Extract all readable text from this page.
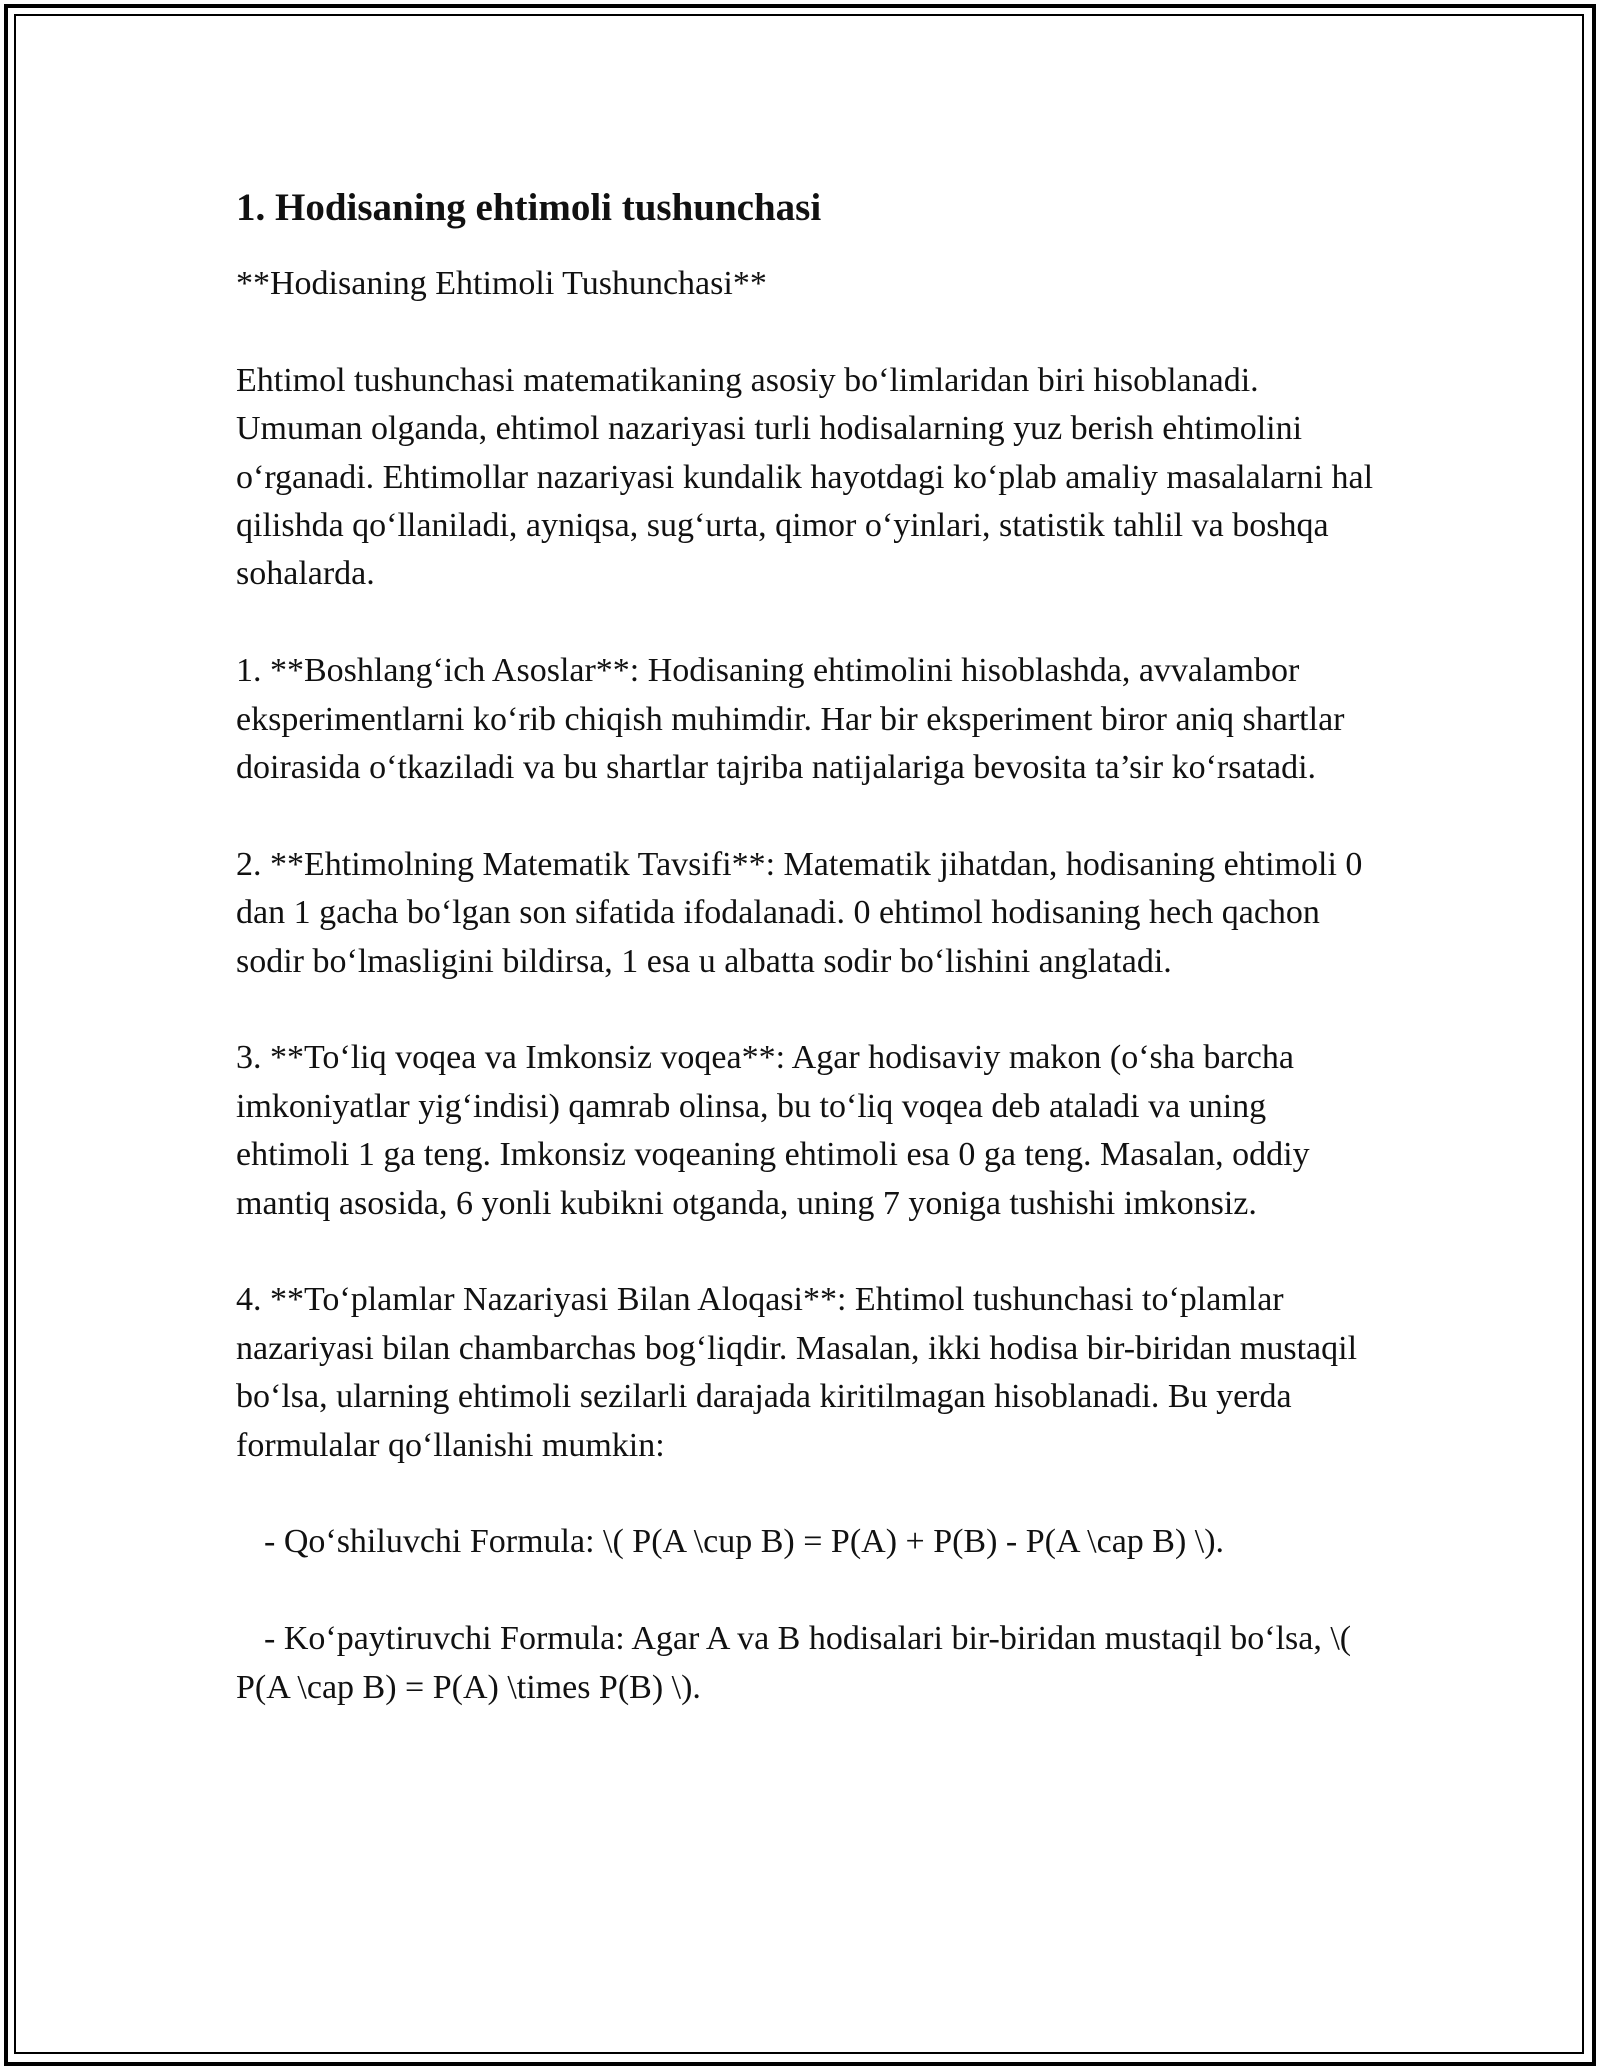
1. Hodisaning ehtimoli tushunchasi

**Hodisaning Ehtimoli Tushunchasi**

Ehtimol tushunchasi matematikaning asosiy bo‘limlaridan biri hisoblanadi. Umuman olganda, ehtimol nazariyasi turli hodisalarning yuz berish ehtimolini o‘rganadi. Ehtimollar nazariyasi kundalik hayotdagi ko‘plab amaliy masalalarni hal qilishda qo‘llaniladi, ayniqsa, sug‘urta, qimor o‘yinlari, statistik tahlil va boshqa sohalarda.

1. **Boshlang‘ich Asoslar**: Hodisaning ehtimolini hisoblashda, avvalambor eksperimentlarni ko‘rib chiqish muhimdir. Har bir eksperiment biror aniq shartlar doirasida o‘tkaziladi va bu shartlar tajriba natijalariga bevosita ta’sir ko‘rsatadi.

2. **Ehtimolning Matematik Tavsifi**: Matematik jihatdan, hodisaning ehtimoli 0 dan 1 gacha bo‘lgan son sifatida ifodalanadi. 0 ehtimol hodisaning hech qachon sodir bo‘lmasligini bildirsa, 1 esa u albatta sodir bo‘lishini anglatadi.

3. **To‘liq voqea va Imkonsiz voqea**: Agar hodisaviy makon (o‘sha barcha imkoniyatlar yig‘indisi) qamrab olinsa, bu to‘liq voqea deb ataladi va uning ehtimoli 1 ga teng. Imkonsiz voqeaning ehtimoli esa 0 ga teng. Masalan, oddiy mantiq asosida, 6 yonli kubikni otganda, uning 7 yoniga tushishi imkonsiz.

4. **To‘plamlar Nazariyasi Bilan Aloqasi**: Ehtimol tushunchasi to‘plamlar nazariyasi bilan chambarchas bog‘liqdir. Masalan, ikki hodisa bir-biridan mustaqil bo‘lsa, ularning ehtimoli sezilarli darajada kiritilmagan hisoblanadi. Bu yerda formulalar qo‘llanishi mumkin:

- Qo‘shiluvchi Formula: \( P(A \cup B) = P(A) + P(B) - P(A \cap B) \).

- Ko‘paytiruvchi Formula: Agar A va B hodisalari bir-biridan mustaqil bo‘lsa, \( P(A \cap B) = P(A) \times P(B) \).
